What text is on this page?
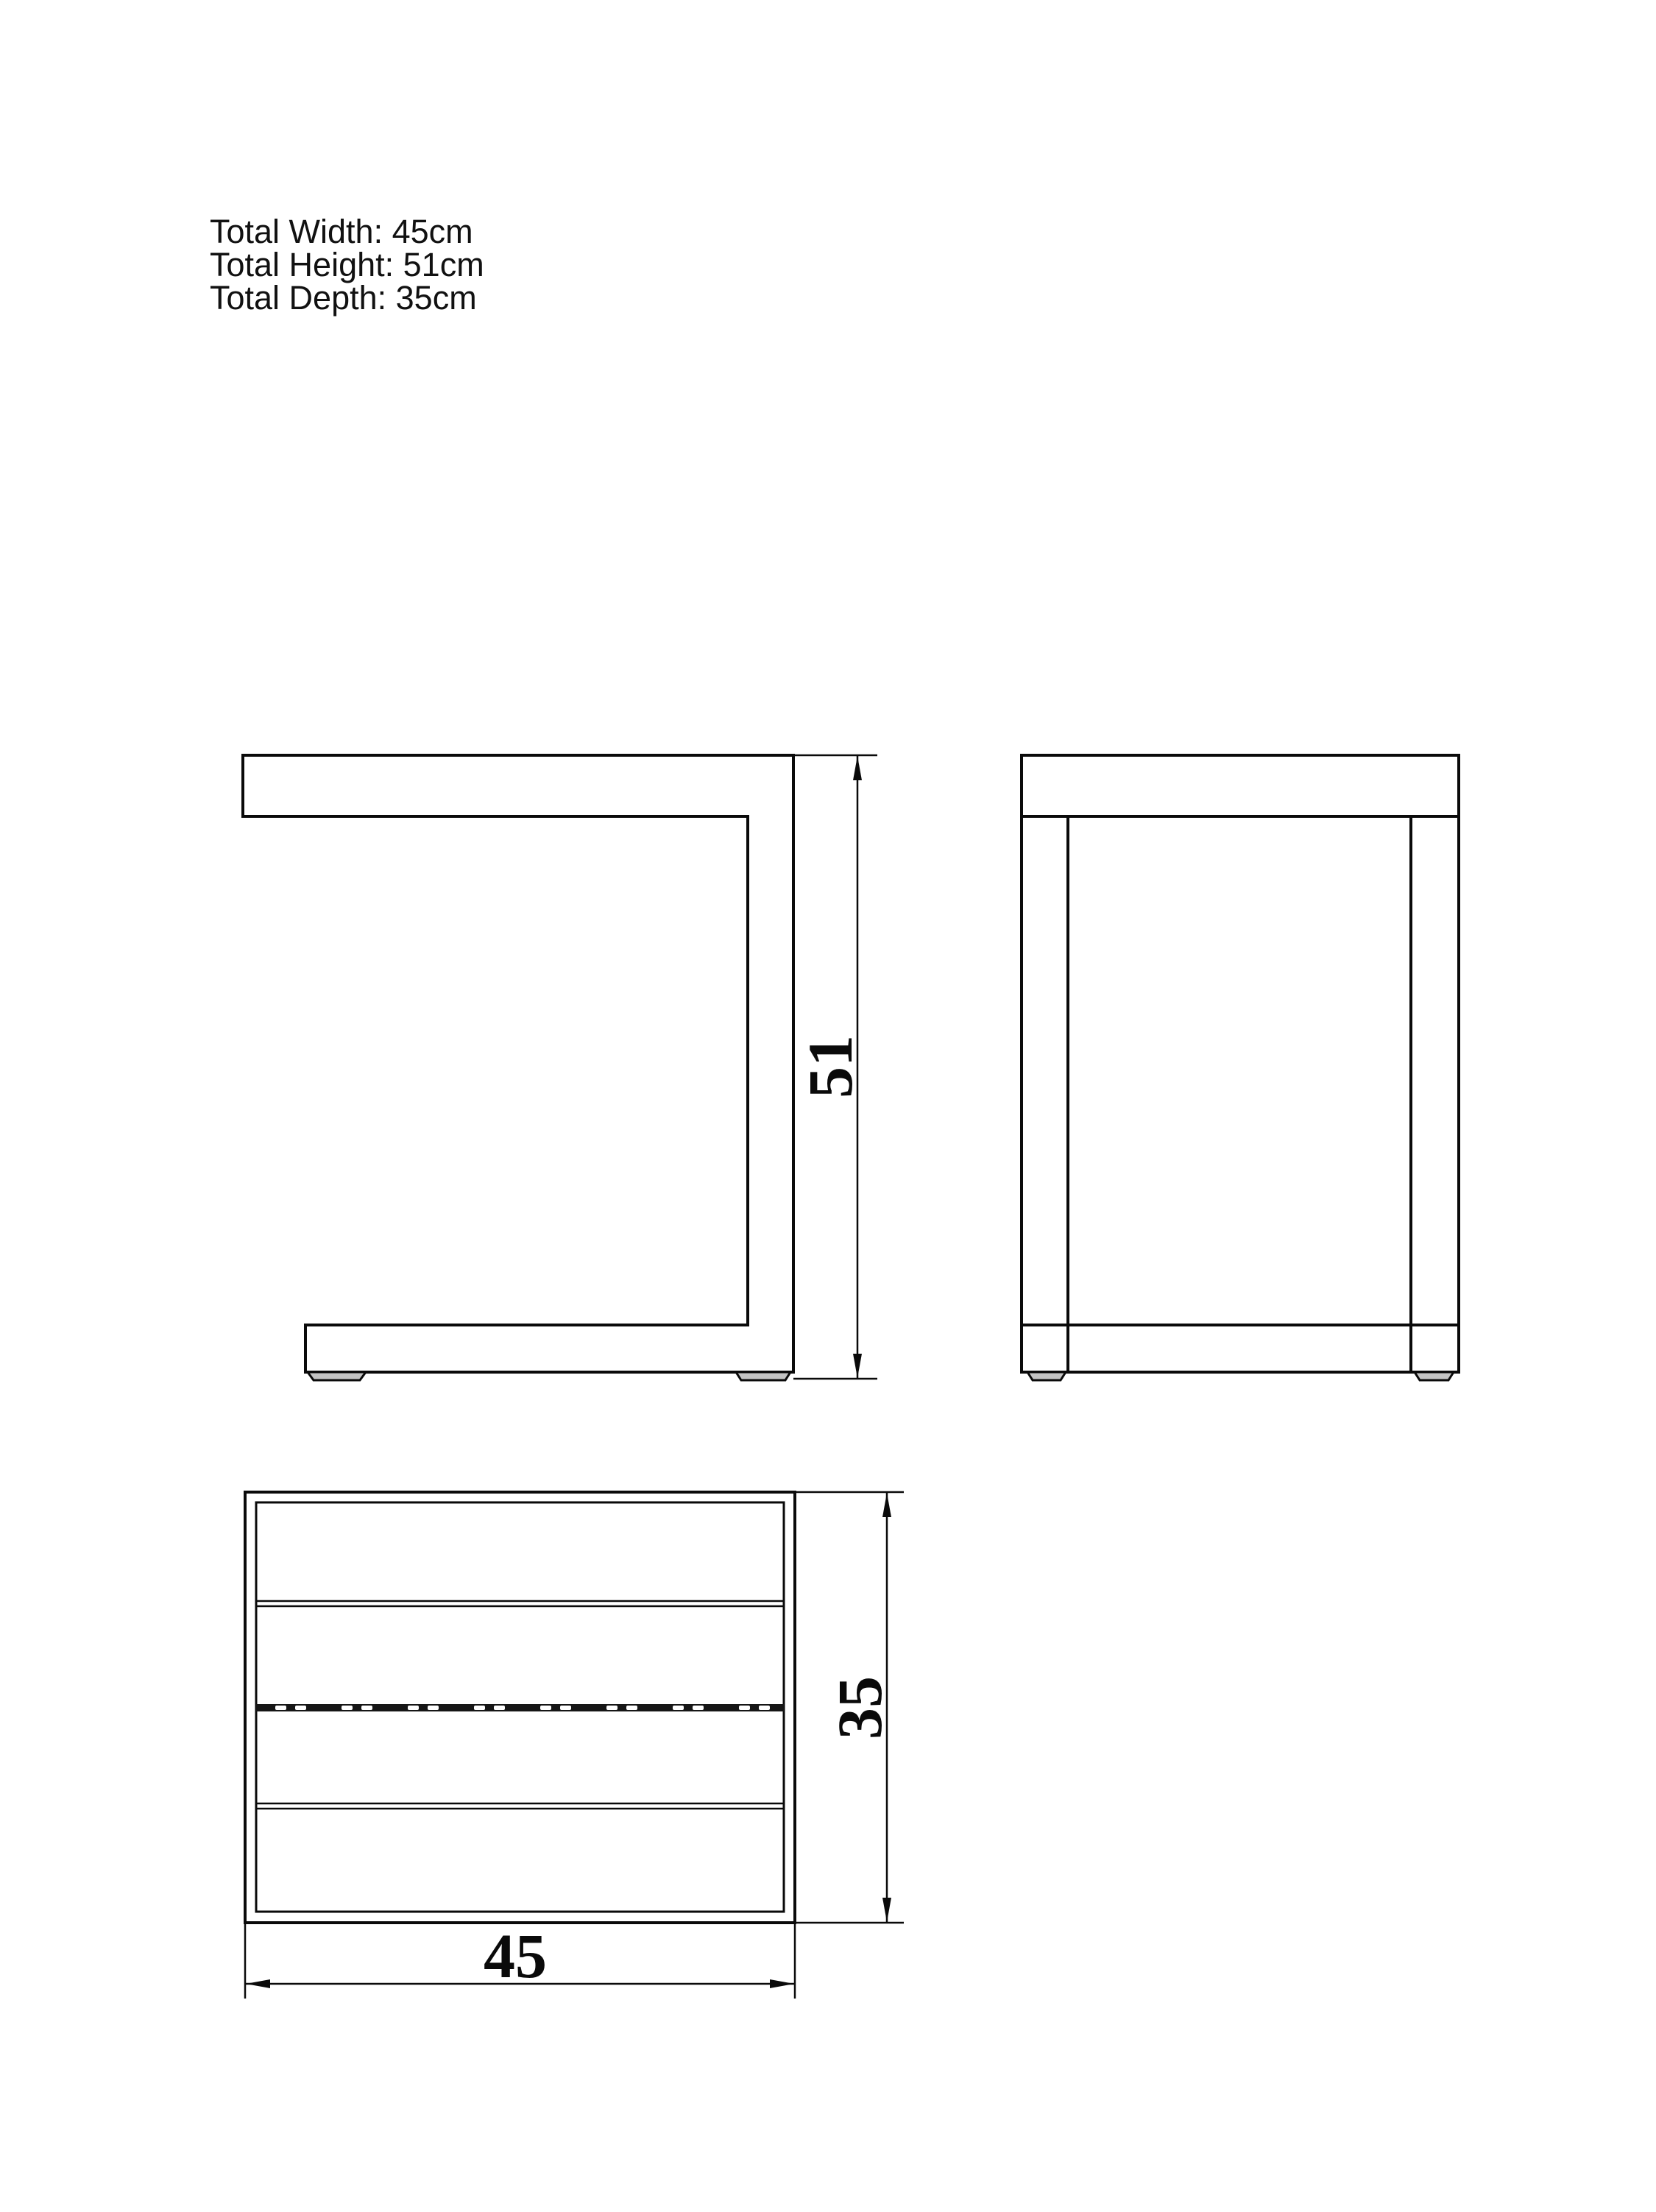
Total Width: 45cm
Total Height: 51cm
Total Depth: 35cm
51
45
35
